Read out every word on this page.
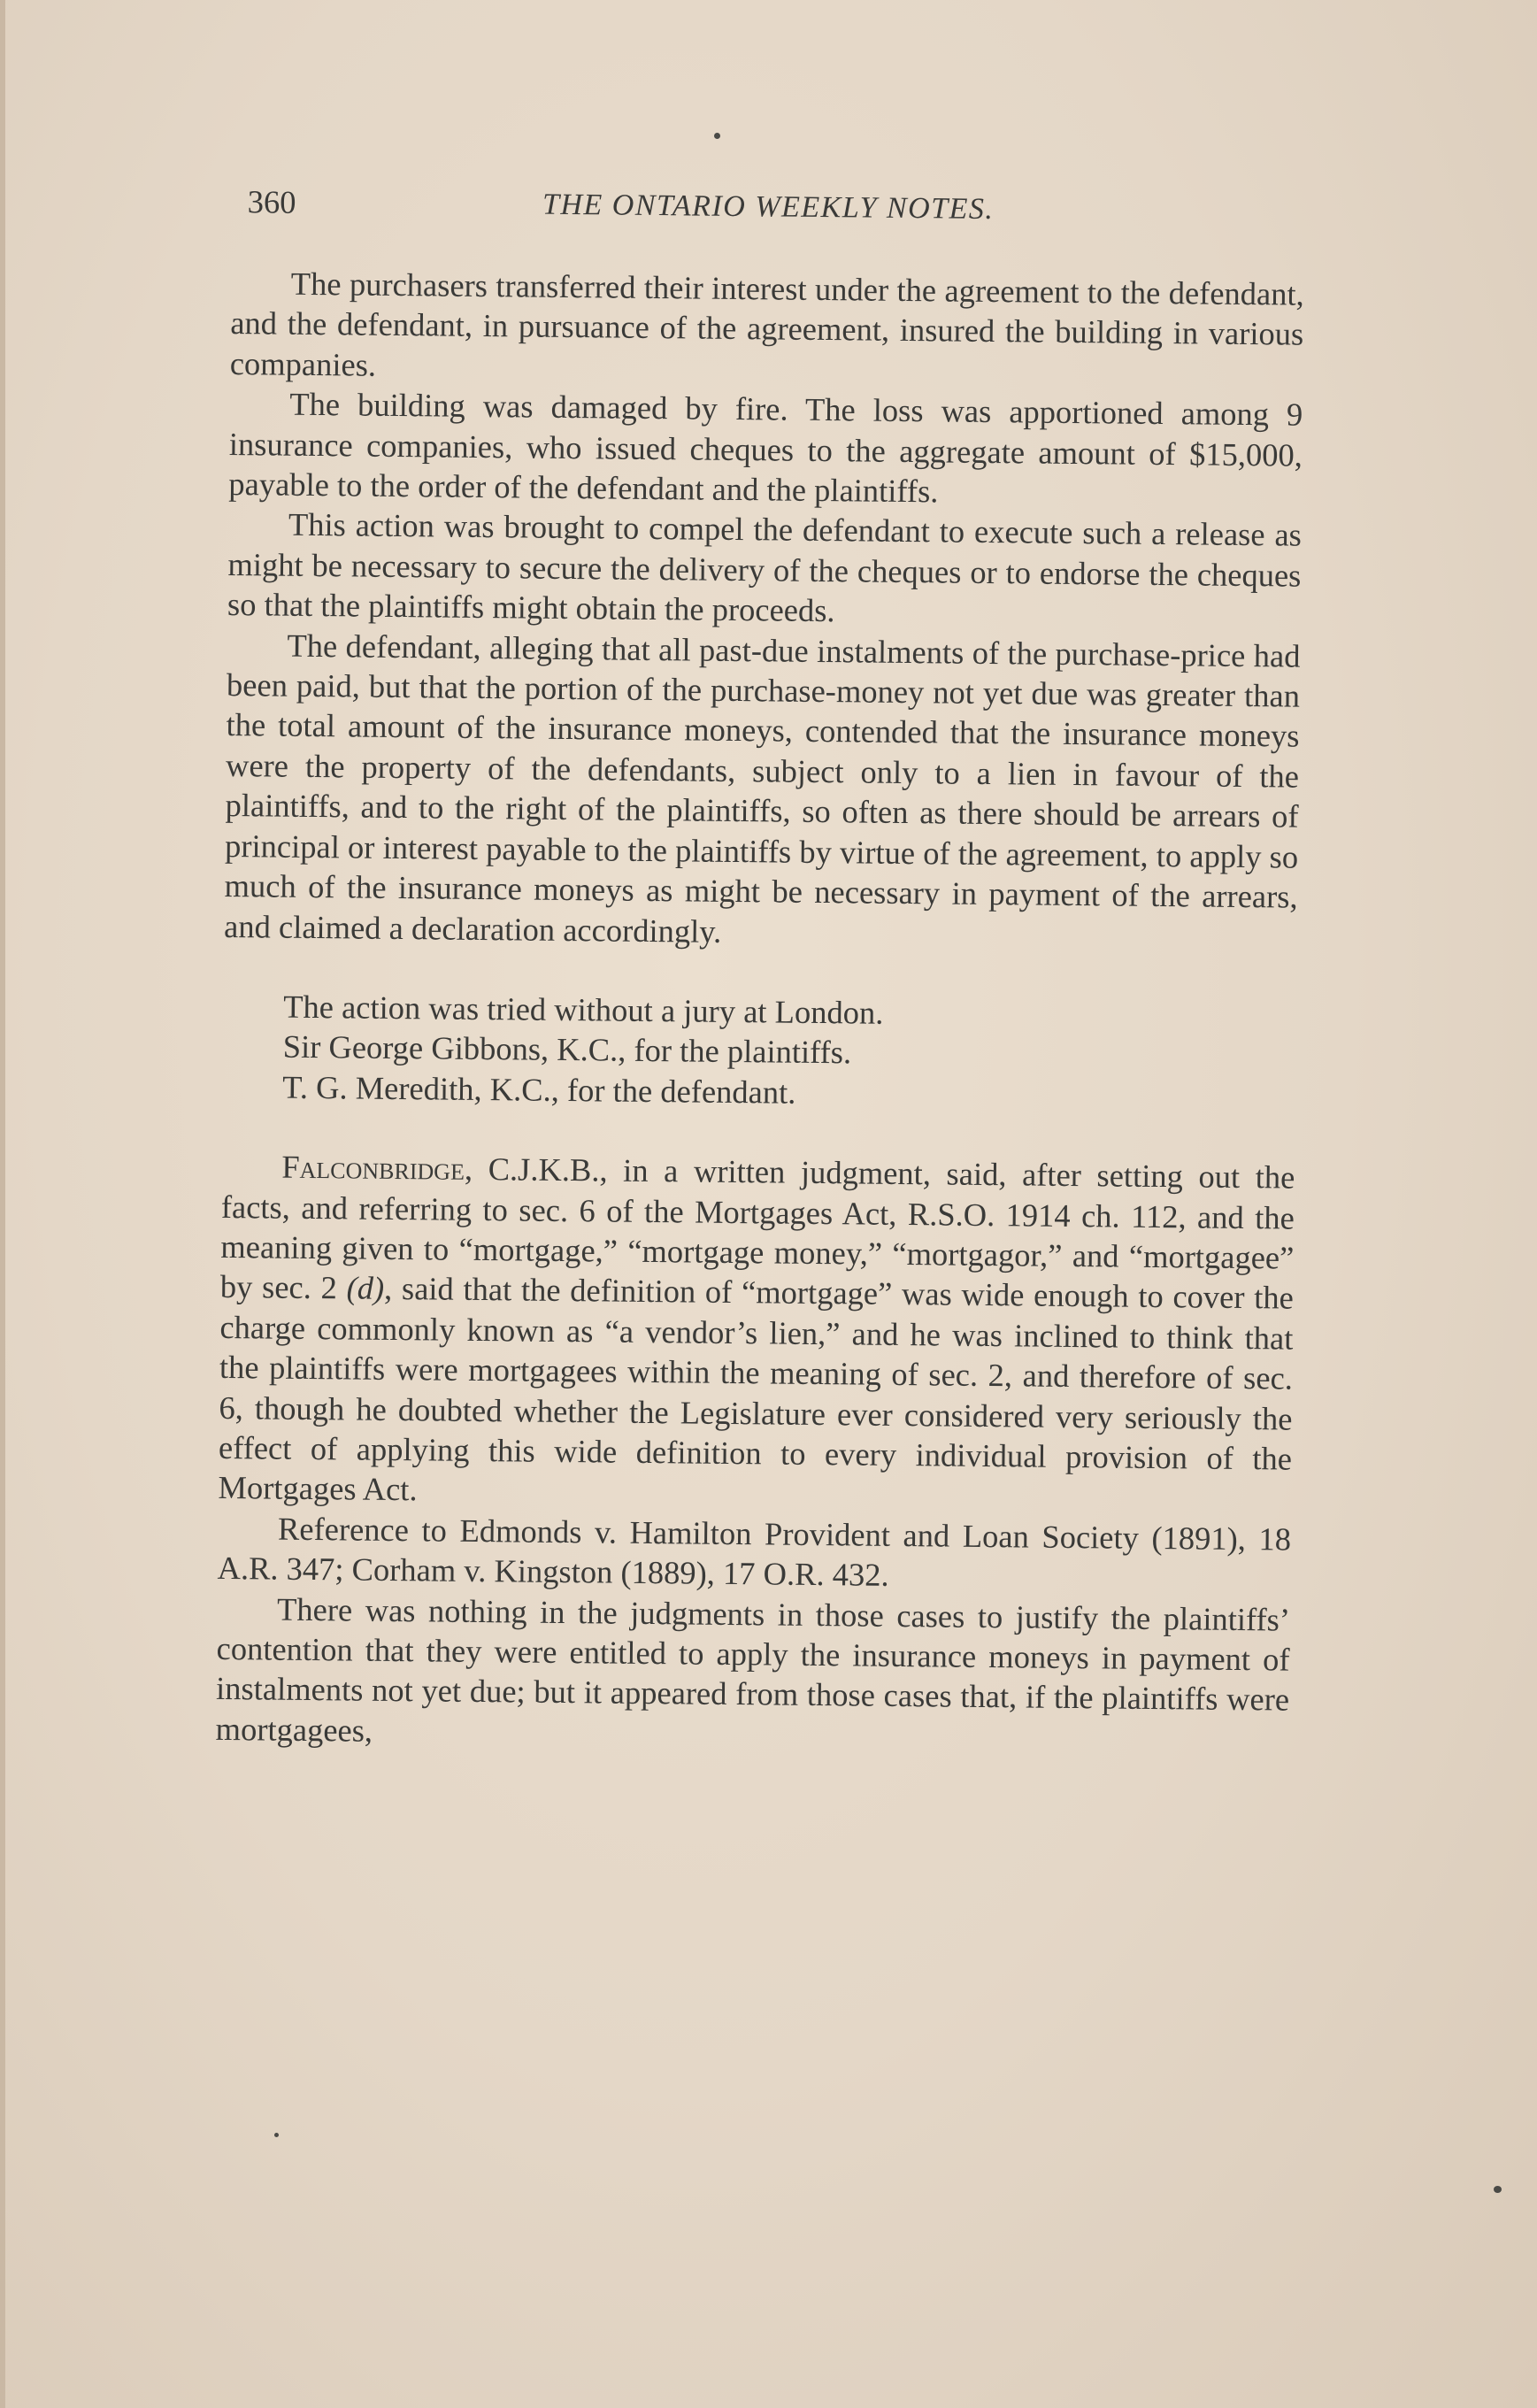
360	THE ONTARIO WEEKLY NOTES.

The purchasers transferred their interest under the agreement to the defendant, and the defendant, in pursuance of the agreement, insured the building in various companies.

The building was damaged by fire. The loss was apportioned among 9 insurance companies, who issued cheques to the aggregate amount of $15,000, payable to the order of the defendant and the plaintiffs.

This action was brought to compel the defendant to execute such a release as might be necessary to secure the delivery of the cheques or to endorse the cheques so that the plaintiffs might obtain the proceeds.

The defendant, alleging that all past-due instalments of the purchase-price had been paid, but that the portion of the purchase-money not yet due was greater than the total amount of the insurance moneys, contended that the insurance moneys were the property of the defendants, subject only to a lien in favour of the plaintiffs, and to the right of the plaintiffs, so often as there should be arrears of principal or interest payable to the plaintiffs by virtue of the agreement, to apply so much of the insurance moneys as might be necessary in payment of the arrears, and claimed a declaration accordingly.

The action was tried without a jury at London.

Sir George Gibbons, K.C., for the plaintiffs.

T. G. Meredith, K.C., for the defendant.

Falconbridge, C.J.K.B., in a written judgment, said, after setting out the facts, and referring to sec. 6 of the Mortgages Act, R.S.O. 1914 ch. 112, and the meaning given to “mortgage,” “mortgage money,” “mortgagor,” and “mortgagee” by sec. 2 (d), said that the definition of “mortgage” was wide enough to cover the charge commonly known as “a vendor’s lien,” and he was inclined to think that the plaintiffs were mortgagees within the meaning of sec. 2, and therefore of sec. 6, though he doubted whether the Legislature ever considered very seriously the effect of applying this wide definition to every individual provision of the Mortgages Act.

Reference to Edmonds v. Hamilton Provident and Loan Society (1891), 18 A.R. 347; Corham v. Kingston (1889), 17 O.R. 432.

There was nothing in the judgments in those cases to justify the plaintiffs’ contention that they were entitled to apply the insurance moneys in payment of instalments not yet due; but it appeared from those cases that, if the plaintiffs were mortgagees,
